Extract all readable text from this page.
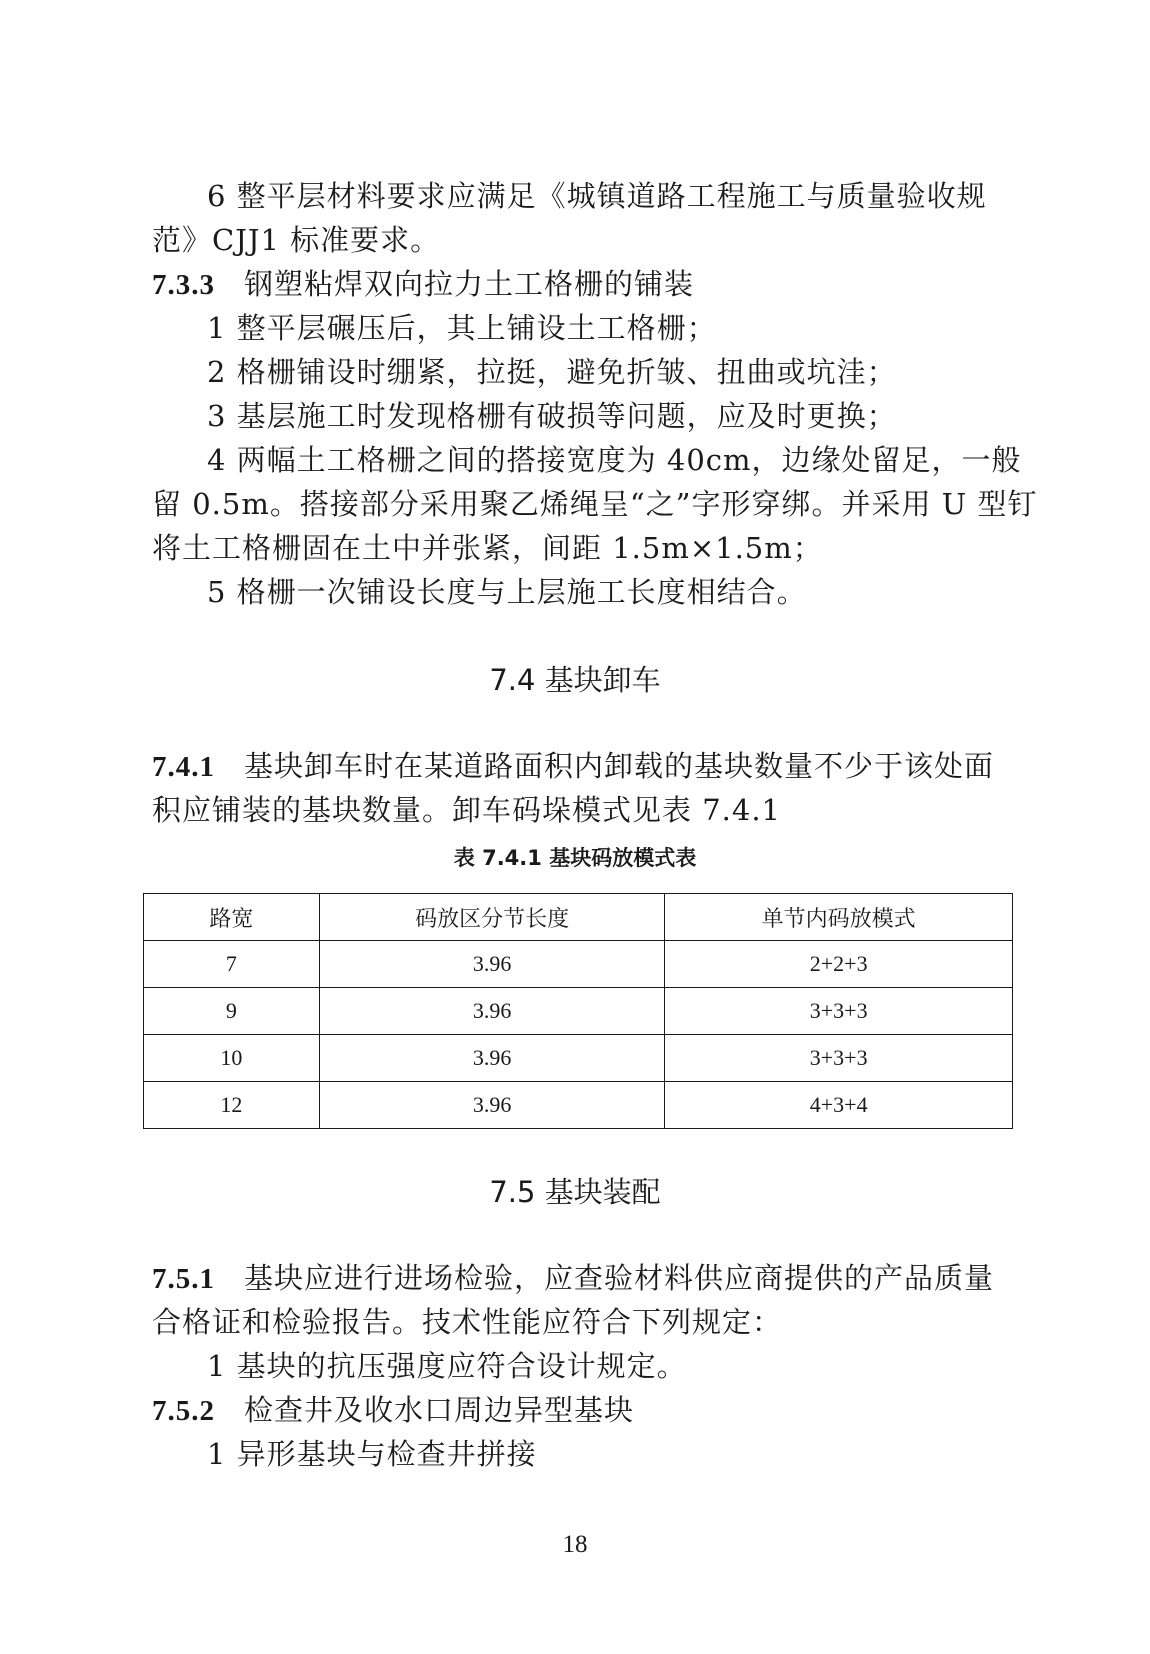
6 整平层材料要求应满足《城镇道路工程施工与质量验收规
范》CJJ1 标准要求。
7.3.3 钢塑粘焊双向拉力土工格栅的铺装
1 整平层碾压后，其上铺设土工格栅；
2 格栅铺设时绷紧，拉挺，避免折皱、扭曲或坑洼；
3 基层施工时发现格栅有破损等问题，应及时更换；
4 两幅土工格栅之间的搭接宽度为 40cm，边缘处留足，一般
留 0.5m。搭接部分采用聚乙烯绳呈“之”字形穿绑。并采用 U 型钉
将土工格栅固在土中并张紧，间距 1.5m×1.5m；
5 格栅一次铺设长度与上层施工长度相结合。
7.4 基块卸车
7.4.1 基块卸车时在某道路面积内卸载的基块数量不少于该处面
积应铺装的基块数量。卸车码垛模式见表 7.4.1
表 7.4.1 基块码放模式表
路宽	码放区分节长度	单节内码放模式
7	3.96	2+2+3
9	3.96	3+3+3
10	3.96	3+3+3
12	3.96	4+3+4
7.5 基块装配
7.5.1 基块应进行进场检验，应查验材料供应商提供的产品质量
合格证和检验报告。技术性能应符合下列规定：
1 基块的抗压强度应符合设计规定。
7.5.2 检查井及收水口周边异型基块
1 异形基块与检查井拼接
18
